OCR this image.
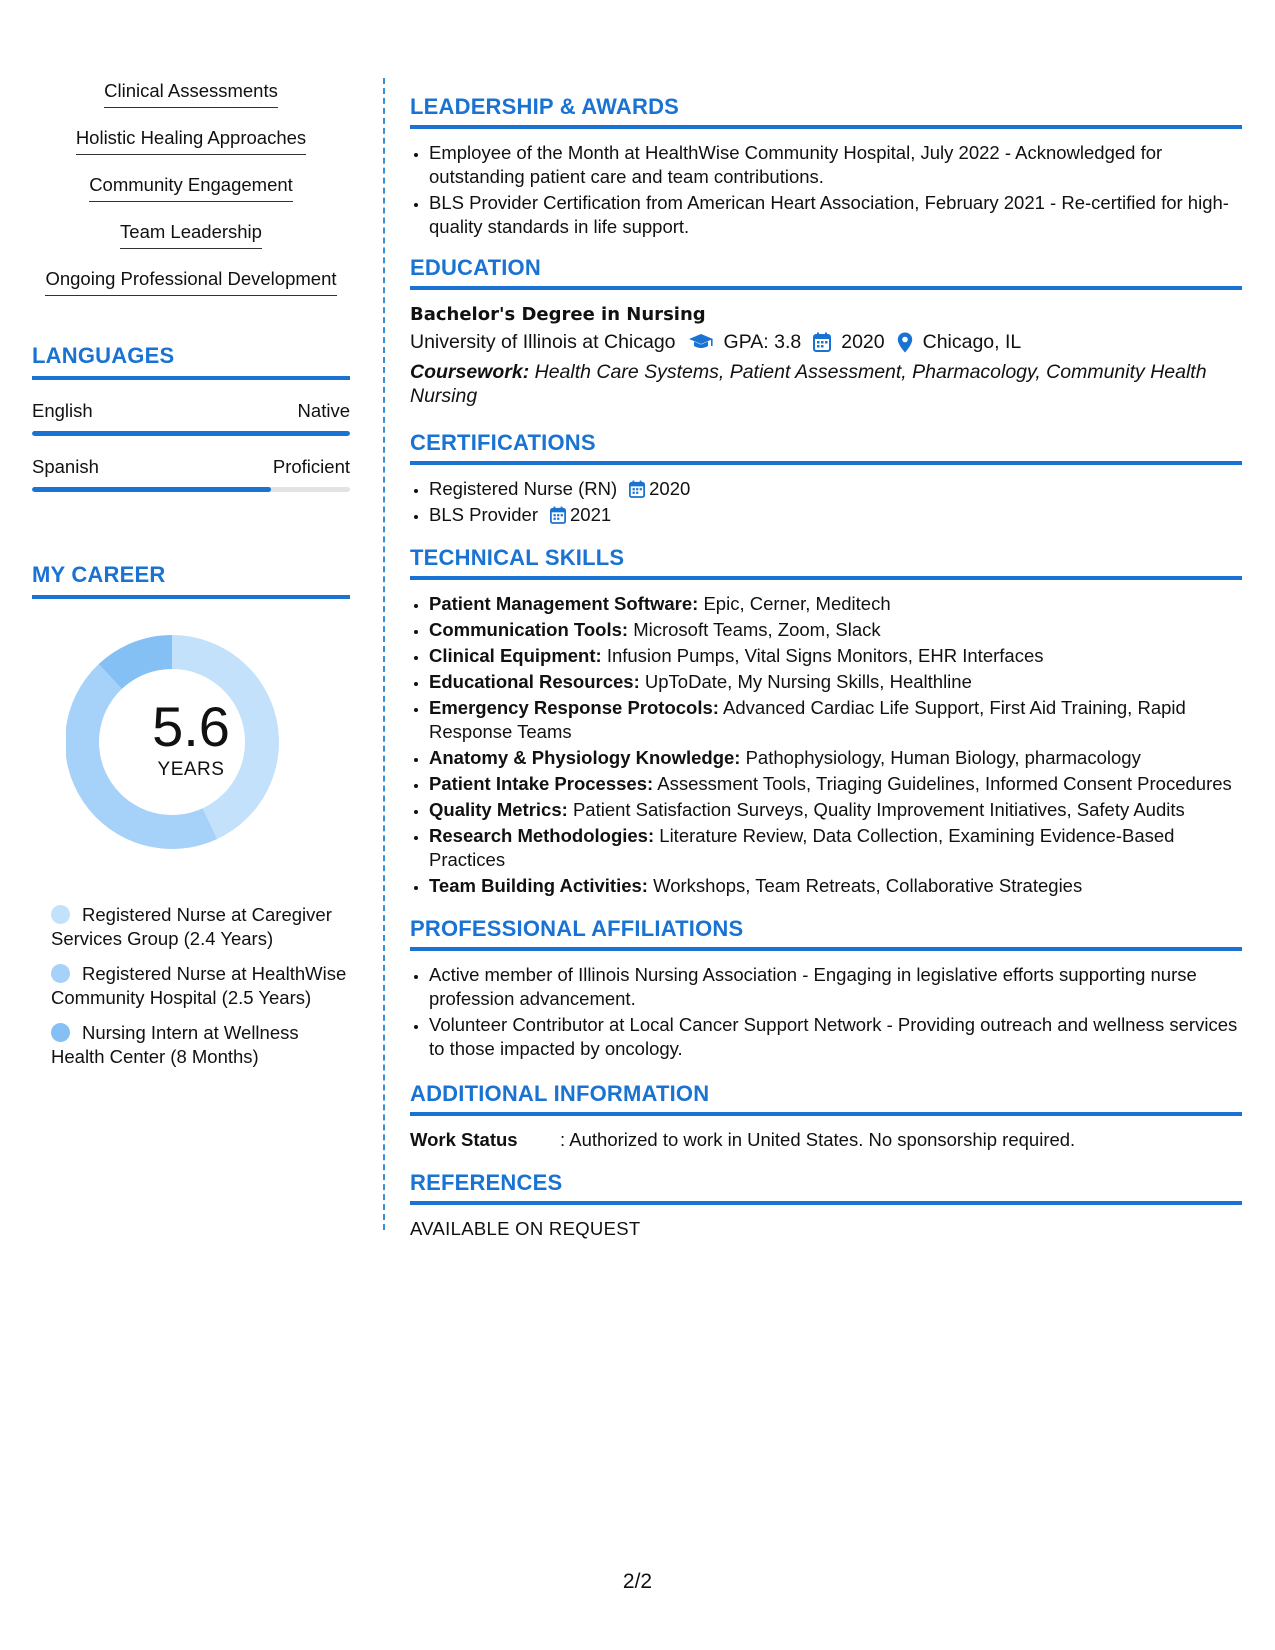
Clinical Assessments
Holistic Healing Approaches
Community Engagement
Team Leadership
Ongoing Professional Development
LANGUAGES
English	Native
Spanish	Proficient
MY CAREER
5.6
YEARS
Registered Nurse at Caregiver Services Group (2.4 Years)
Registered Nurse at HealthWise Community Hospital (2.5 Years)
Nursing Intern at Wellness Health Center (8 Months)
LEADERSHIP & AWARDS
• Employee of the Month at HealthWise Community Hospital, July 2022 - Acknowledged for outstanding patient care and team contributions.
• BLS Provider Certification from American Heart Association, February 2021 - Re-certified for high-quality standards in life support.
EDUCATION
Bachelor's Degree in Nursing
University of Illinois at Chicago GPA: 3.8 2020 Chicago, IL
Coursework: Health Care Systems, Patient Assessment, Pharmacology, Community Health Nursing
CERTIFICATIONS
• Registered Nurse (RN) 2020
• BLS Provider 2021
TECHNICAL SKILLS
• Patient Management Software: Epic, Cerner, Meditech
• Communication Tools: Microsoft Teams, Zoom, Slack
• Clinical Equipment: Infusion Pumps, Vital Signs Monitors, EHR Interfaces
• Educational Resources: UpToDate, My Nursing Skills, Healthline
• Emergency Response Protocols: Advanced Cardiac Life Support, First Aid Training, Rapid Response Teams
• Anatomy & Physiology Knowledge: Pathophysiology, Human Biology, pharmacology
• Patient Intake Processes: Assessment Tools, Triaging Guidelines, Informed Consent Procedures
• Quality Metrics: Patient Satisfaction Surveys, Quality Improvement Initiatives, Safety Audits
• Research Methodologies: Literature Review, Data Collection, Examining Evidence-Based Practices
• Team Building Activities: Workshops, Team Retreats, Collaborative Strategies
PROFESSIONAL AFFILIATIONS
• Active member of Illinois Nursing Association - Engaging in legislative efforts supporting nurse profession advancement.
• Volunteer Contributor at Local Cancer Support Network - Providing outreach and wellness services to those impacted by oncology.
ADDITIONAL INFORMATION
Work Status	: Authorized to work in United States. No sponsorship required.
REFERENCES
AVAILABLE ON REQUEST
2/2
